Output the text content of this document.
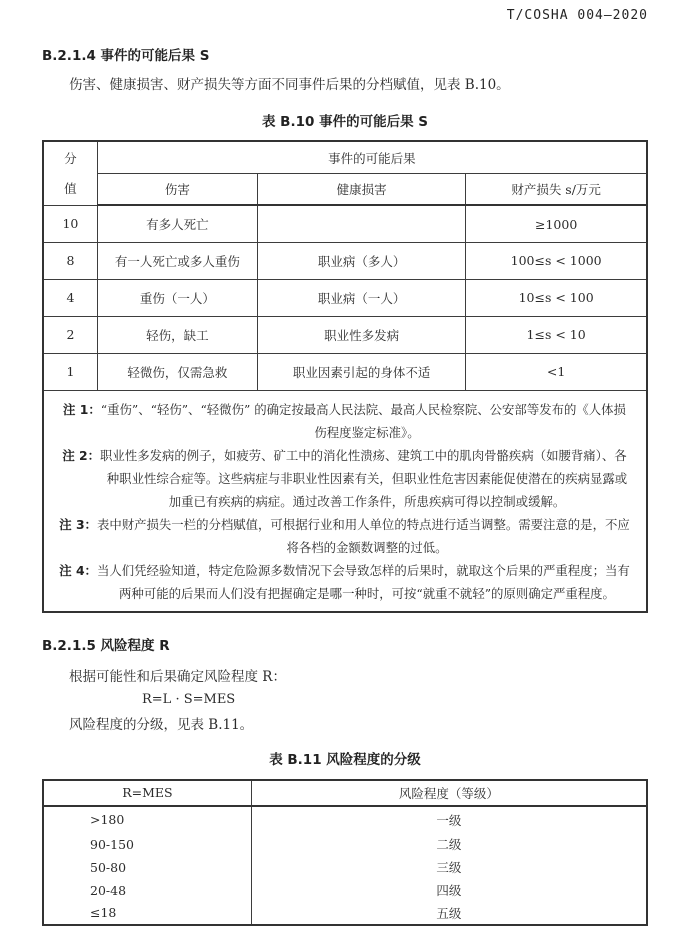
T/COSHA 004—2020
B.2.1.4 事件的可能后果 S
伤害、健康损害、财产损失等方面不同事件后果的分档赋值，见表 B.10。
表 B.10 事件的可能后果 S
分
值	事件的可能后果		
	伤害	健康损害	财产损失 s/万元
10	有多人死亡		≥1000
8	有一人死亡或多人重伤	职业病（多人）	100≤s < 1000
4	重伤（一人）	职业病（一人）	10≤s < 100
2	轻伤，缺工	职业性多发病	1≤s < 10
1	轻微伤，仅需急救	职业因素引起的身体不适	<1

注 1：“重伤”、“轻伤”、“轻微伤” 的确定按最高人民法院、最高人民检察院、公安部等发布的《人体损伤程度鉴定标准》。
注 2：职业性多发病的例子，如疲劳、矿工中的消化性溃疡、建筑工中的肌肉骨骼疾病（如腰背痛）、各种职业性综合症等。这些病症与非职业性因素有关，但职业性危害因素能促使潜在的疾病显露或加重已有疾病的病症。通过改善工作条件，所患疾病可得以控制或缓解。
注 3：表中财产损失一栏的分档赋值，可根据行业和用人单位的特点进行适当调整。需要注意的是，不应将各档的金额数调整的过低。
注 4：当人们凭经验知道，特定危险源多数情况下会导致怎样的后果时，就取这个后果的严重程度；当有两种可能的后果而人们没有把握确定是哪一种时，可按“就重不就轻”的原则确定严重程度。			
B.2.1.5 风险程度 R
根据可能性和后果确定风险程度 R：
R=L · S=MES
风险程度的分级，见表 B.11。
表 B.11 风险程度的分级
R=MES	风险程度（等级）
>180	一级
90-150	二级
50-80	三级
20-48	四级
≤18	五级
